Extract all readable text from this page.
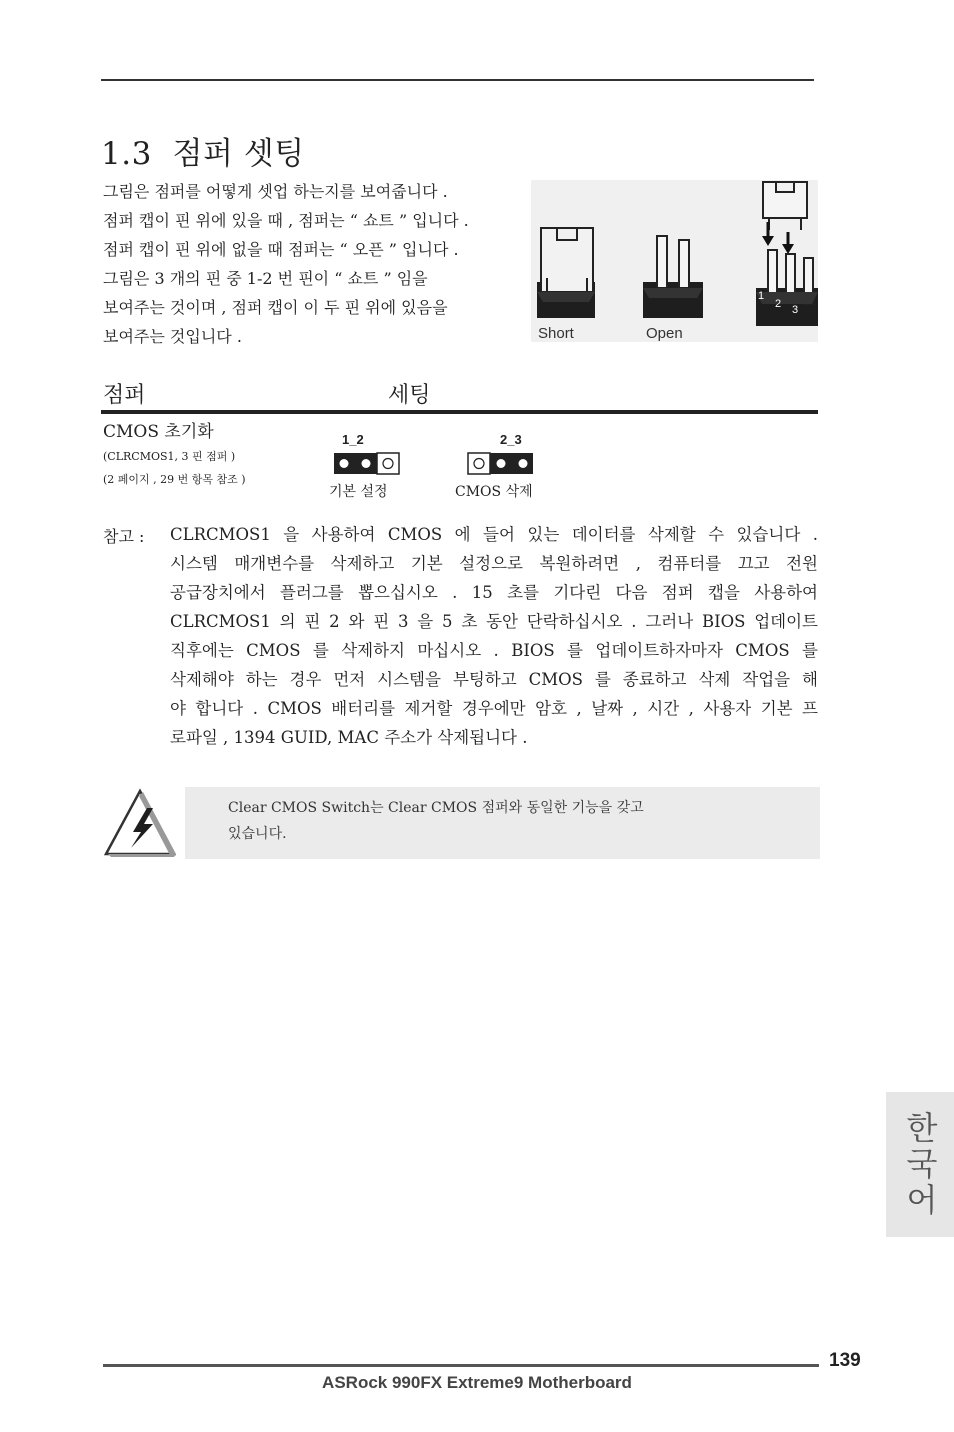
1.3 점퍼 셋팅
그림은 점퍼를 어떻게 셋업 하는지를 보여줍니다 .
점퍼 캡이 핀 위에 있을 때 , 점퍼는 “ 쇼트 ” 입니다 .
점퍼 캡이 핀 위에 없을 때 점퍼는 “ 오픈 ” 입니다 .
그림은 3 개의 핀 중 1-2 번 핀이 “ 쇼트 ” 임을
보여주는 것이며 , 점퍼 캡이 이 두 핀 위에 있음을
보여주는 것입니다 .	Short	Open
1
2 3
점퍼	세팅
CMOS 초기화
(CLRCMOS1, 3 핀 점퍼 )
(2 페이지 , 29 번 항목 참조 )
1_2
기본 설정
2_3
CMOS 삭제
참고 : CLRCMOS1 을 사용하여 CMOS 에 들어 있는 데이터를 삭제할 수 있습니다 .
시스템 매개변수를 삭제하고 기본 설정으로 복원하려면 , 컴퓨터를 끄고 전원
공급장치에서 플러그를 뽑으십시오 . 15 초를 기다린 다음 점퍼 캡을 사용하여
CLRCMOS1 의 핀 2 와 핀 3 을 5 초 동안 단락하십시오 . 그러나 BIOS 업데이트
직후에는 CMOS 를 삭제하지 마십시오 . BIOS 를 업데이트하자마자 CMOS 를
삭제해야 하는 경우 먼저 시스템을 부팅하고 CMOS 를 종료하고 삭제 작업을 해
야 합니다 . CMOS 배터리를 제거할 경우에만 암호 , 날짜 , 시간 , 사용자 기본 프
로파일 , 1394 GUID, MAC 주소가 삭제됩니다 .
Clear CMOS Switch는 Clear CMOS 점퍼와 동일한 기능을 갖고
있습니다.
한국어
139
ASRock 990FX Extreme9 Motherboard
